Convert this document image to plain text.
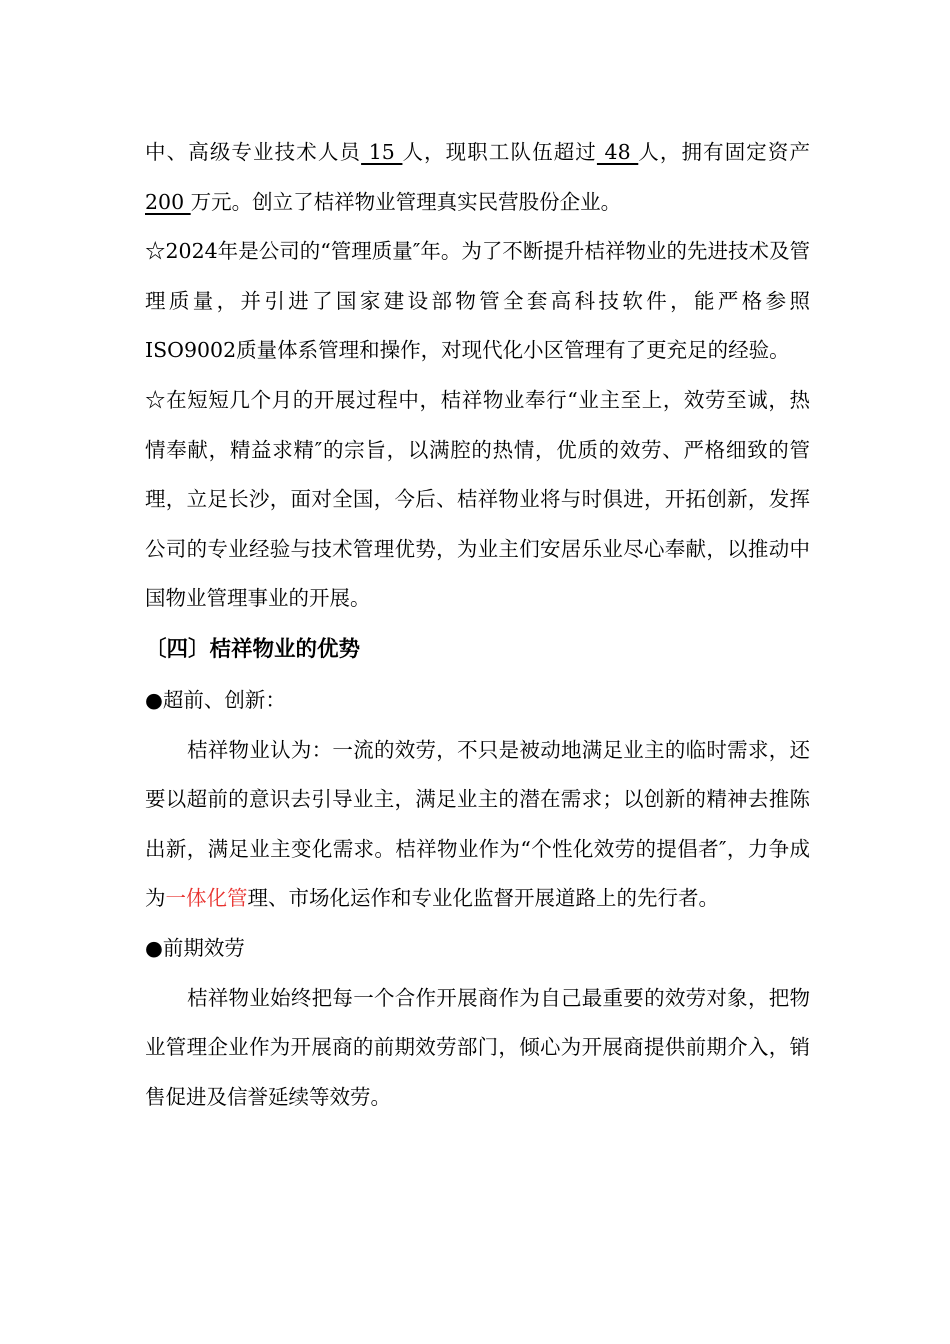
中、高级专业技术人员 15 人，现职工队伍超过 48 人，拥有固定资产 200 万元。创立了桔祥物业管理真实民营股份企业。

☆2024年是公司的“管理质量″年。为了不断提升桔祥物业的先进技术及管理质量，并引进了国家建设部物管全套高科技软件，能严格参照ISO9002质量体系管理和操作，对现代化小区管理有了更充足的经验。

☆在短短几个月的开展过程中，桔祥物业奉行“业主至上，效劳至诚，热情奉献，精益求精″的宗旨，以满腔的热情，优质的效劳、严格细致的管理，立足长沙，面对全国，今后、桔祥物业将与时俱进，开拓创新，发挥公司的专业经验与技术管理优势，为业主们安居乐业尽心奉献，以推动中国物业管理事业的开展。

〔四〕桔祥物业的优势

●超前、创新：

桔祥物业认为：一流的效劳，不只是被动地满足业主的临时需求，还要以超前的意识去引导业主，满足业主的潜在需求；以创新的精神去推陈出新，满足业主变化需求。桔祥物业作为“个性化效劳的提倡者″，力争成为一体化管理、市场化运作和专业化监督开展道路上的先行者。

●前期效劳

桔祥物业始终把每一个合作开展商作为自己最重要的效劳对象，把物业管理企业作为开展商的前期效劳部门，倾心为开展商提供前期介入，销售促进及信誉延续等效劳。
